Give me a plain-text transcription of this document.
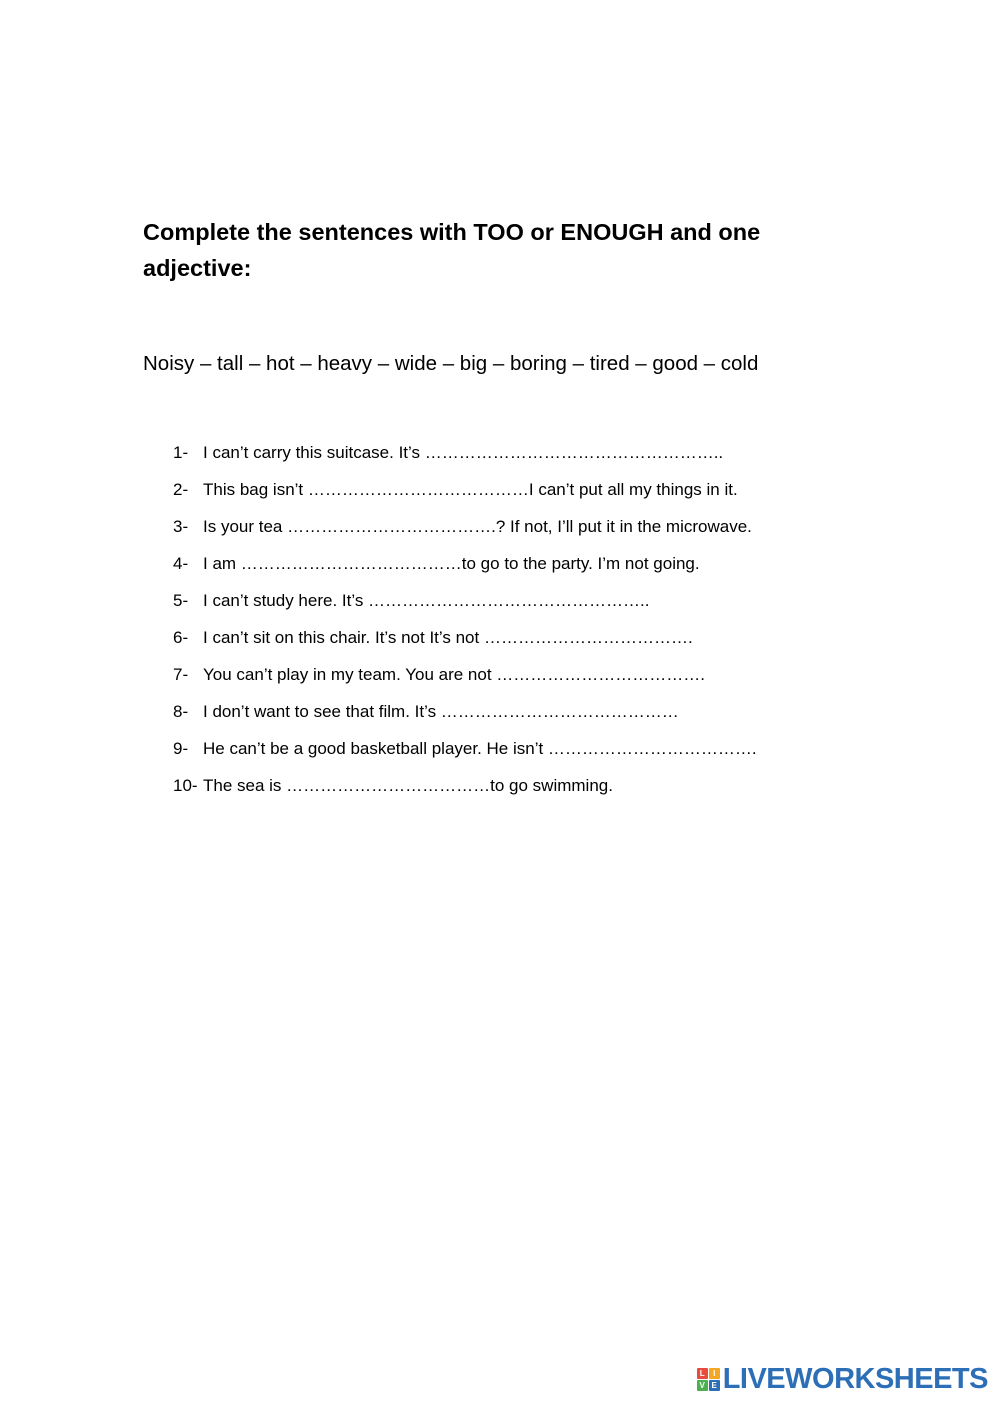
Complete the sentences with TOO or ENOUGH and one adjective:

Noisy – tall – hot – heavy – wide – big – boring – tired – good – cold

1- I can’t carry this suitcase. It’s ……………………………………………..
2- This bag isn’t …………………………………I can’t put all my things in it.
3- Is your tea ……………………………….? If not, I’ll put it in the microwave.
4- I am …………………………………to go to the party. I’m not going.
5- I can’t study here. It’s …………………………………………..
6- I can’t sit on this chair. It’s not It’s not ……………………………….
7- You can’t play in my team. You are not ……………………………….
8- I don’t want to see that film. It’s ……………………………………
9- He can’t be a good basketball player. He isn’t ……………………………….
10- The sea is ………………………………to go swimming.
L	I
V E LIVEWORKSHEETS
